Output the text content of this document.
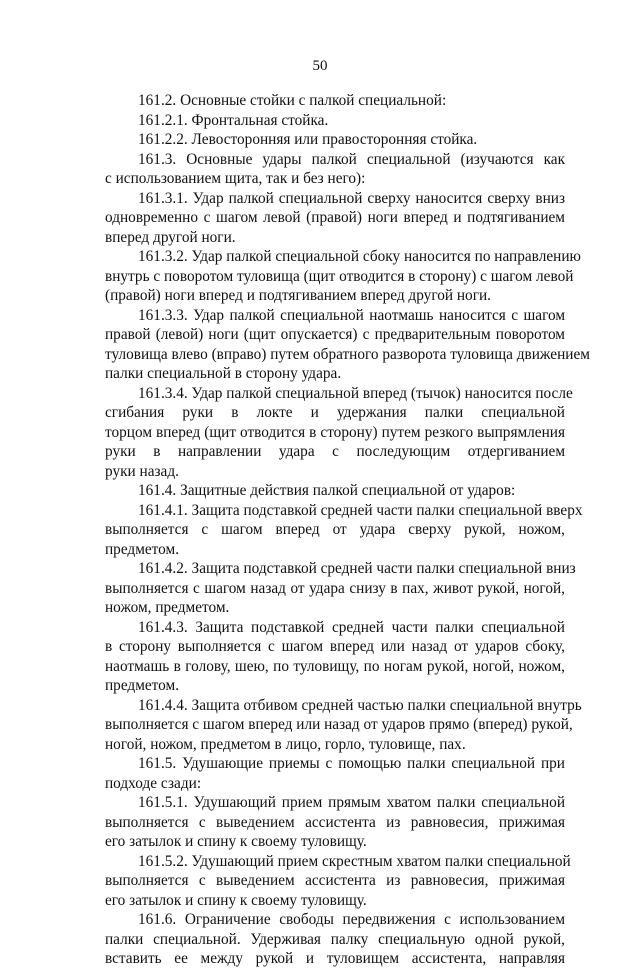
50
161.2. Основные стойки с палкой специальной:
161.2.1. Фронтальная стойка.
161.2.2. Левосторонняя или правосторонняя стойка.
161.3. Основные удары палкой специальной (изучаются как
с использованием щита, так и без него):
161.3.1. Удар палкой специальной сверху наносится сверху вниз
одновременно с шагом левой (правой) ноги вперед и подтягиванием
вперед другой ноги.
161.3.2. Удар палкой специальной сбоку наносится по направлению
внутрь с поворотом туловища (щит отводится в сторону) с шагом левой
(правой) ноги вперед и подтягиванием вперед другой ноги.
161.3.3. Удар палкой специальной наотмашь наносится с шагом
правой (левой) ноги (щит опускается) с предварительным поворотом
туловища влево (вправо) путем обратного разворота туловища движением
палки специальной в сторону удара.
161.3.4. Удар палкой специальной вперед (тычок) наносится после
сгибания руки в локте и удержания палки специальной
торцом вперед (щит отводится в сторону) путем резкого выпрямления
руки в направлении удара с последующим отдергиванием
руки назад.
161.4. Защитные действия палкой специальной от ударов:
161.4.1. Защита подставкой средней части палки специальной вверх
выполняется с шагом вперед от удара сверху рукой, ножом,
предметом.
161.4.2. Защита подставкой средней части палки специальной вниз
выполняется с шагом назад от удара снизу в пах, живот рукой, ногой,
ножом, предметом.
161.4.3. Защита подставкой средней части палки специальной
в сторону выполняется с шагом вперед или назад от ударов сбоку,
наотмашь в голову, шею, по туловищу, по ногам рукой, ногой, ножом,
предметом.
161.4.4. Защита отбивом средней частью палки специальной внутрь
выполняется с шагом вперед или назад от ударов прямо (вперед) рукой,
ногой, ножом, предметом в лицо, горло, туловище, пах.
161.5. Удушающие приемы с помощью палки специальной при
подходе сзади:
161.5.1. Удушающий прием прямым хватом палки специальной
выполняется с выведением ассистента из равновесия, прижимая
его затылок и спину к своему туловищу.
161.5.2. Удушающий прием скрестным хватом палки специальной
выполняется с выведением ассистента из равновесия, прижимая
его затылок и спину к своему туловищу.
161.6. Ограничение свободы передвижения с использованием
палки специальной. Удерживая палку специальную одной рукой,
вставить ее между рукой и туловищем ассистента, направляя
